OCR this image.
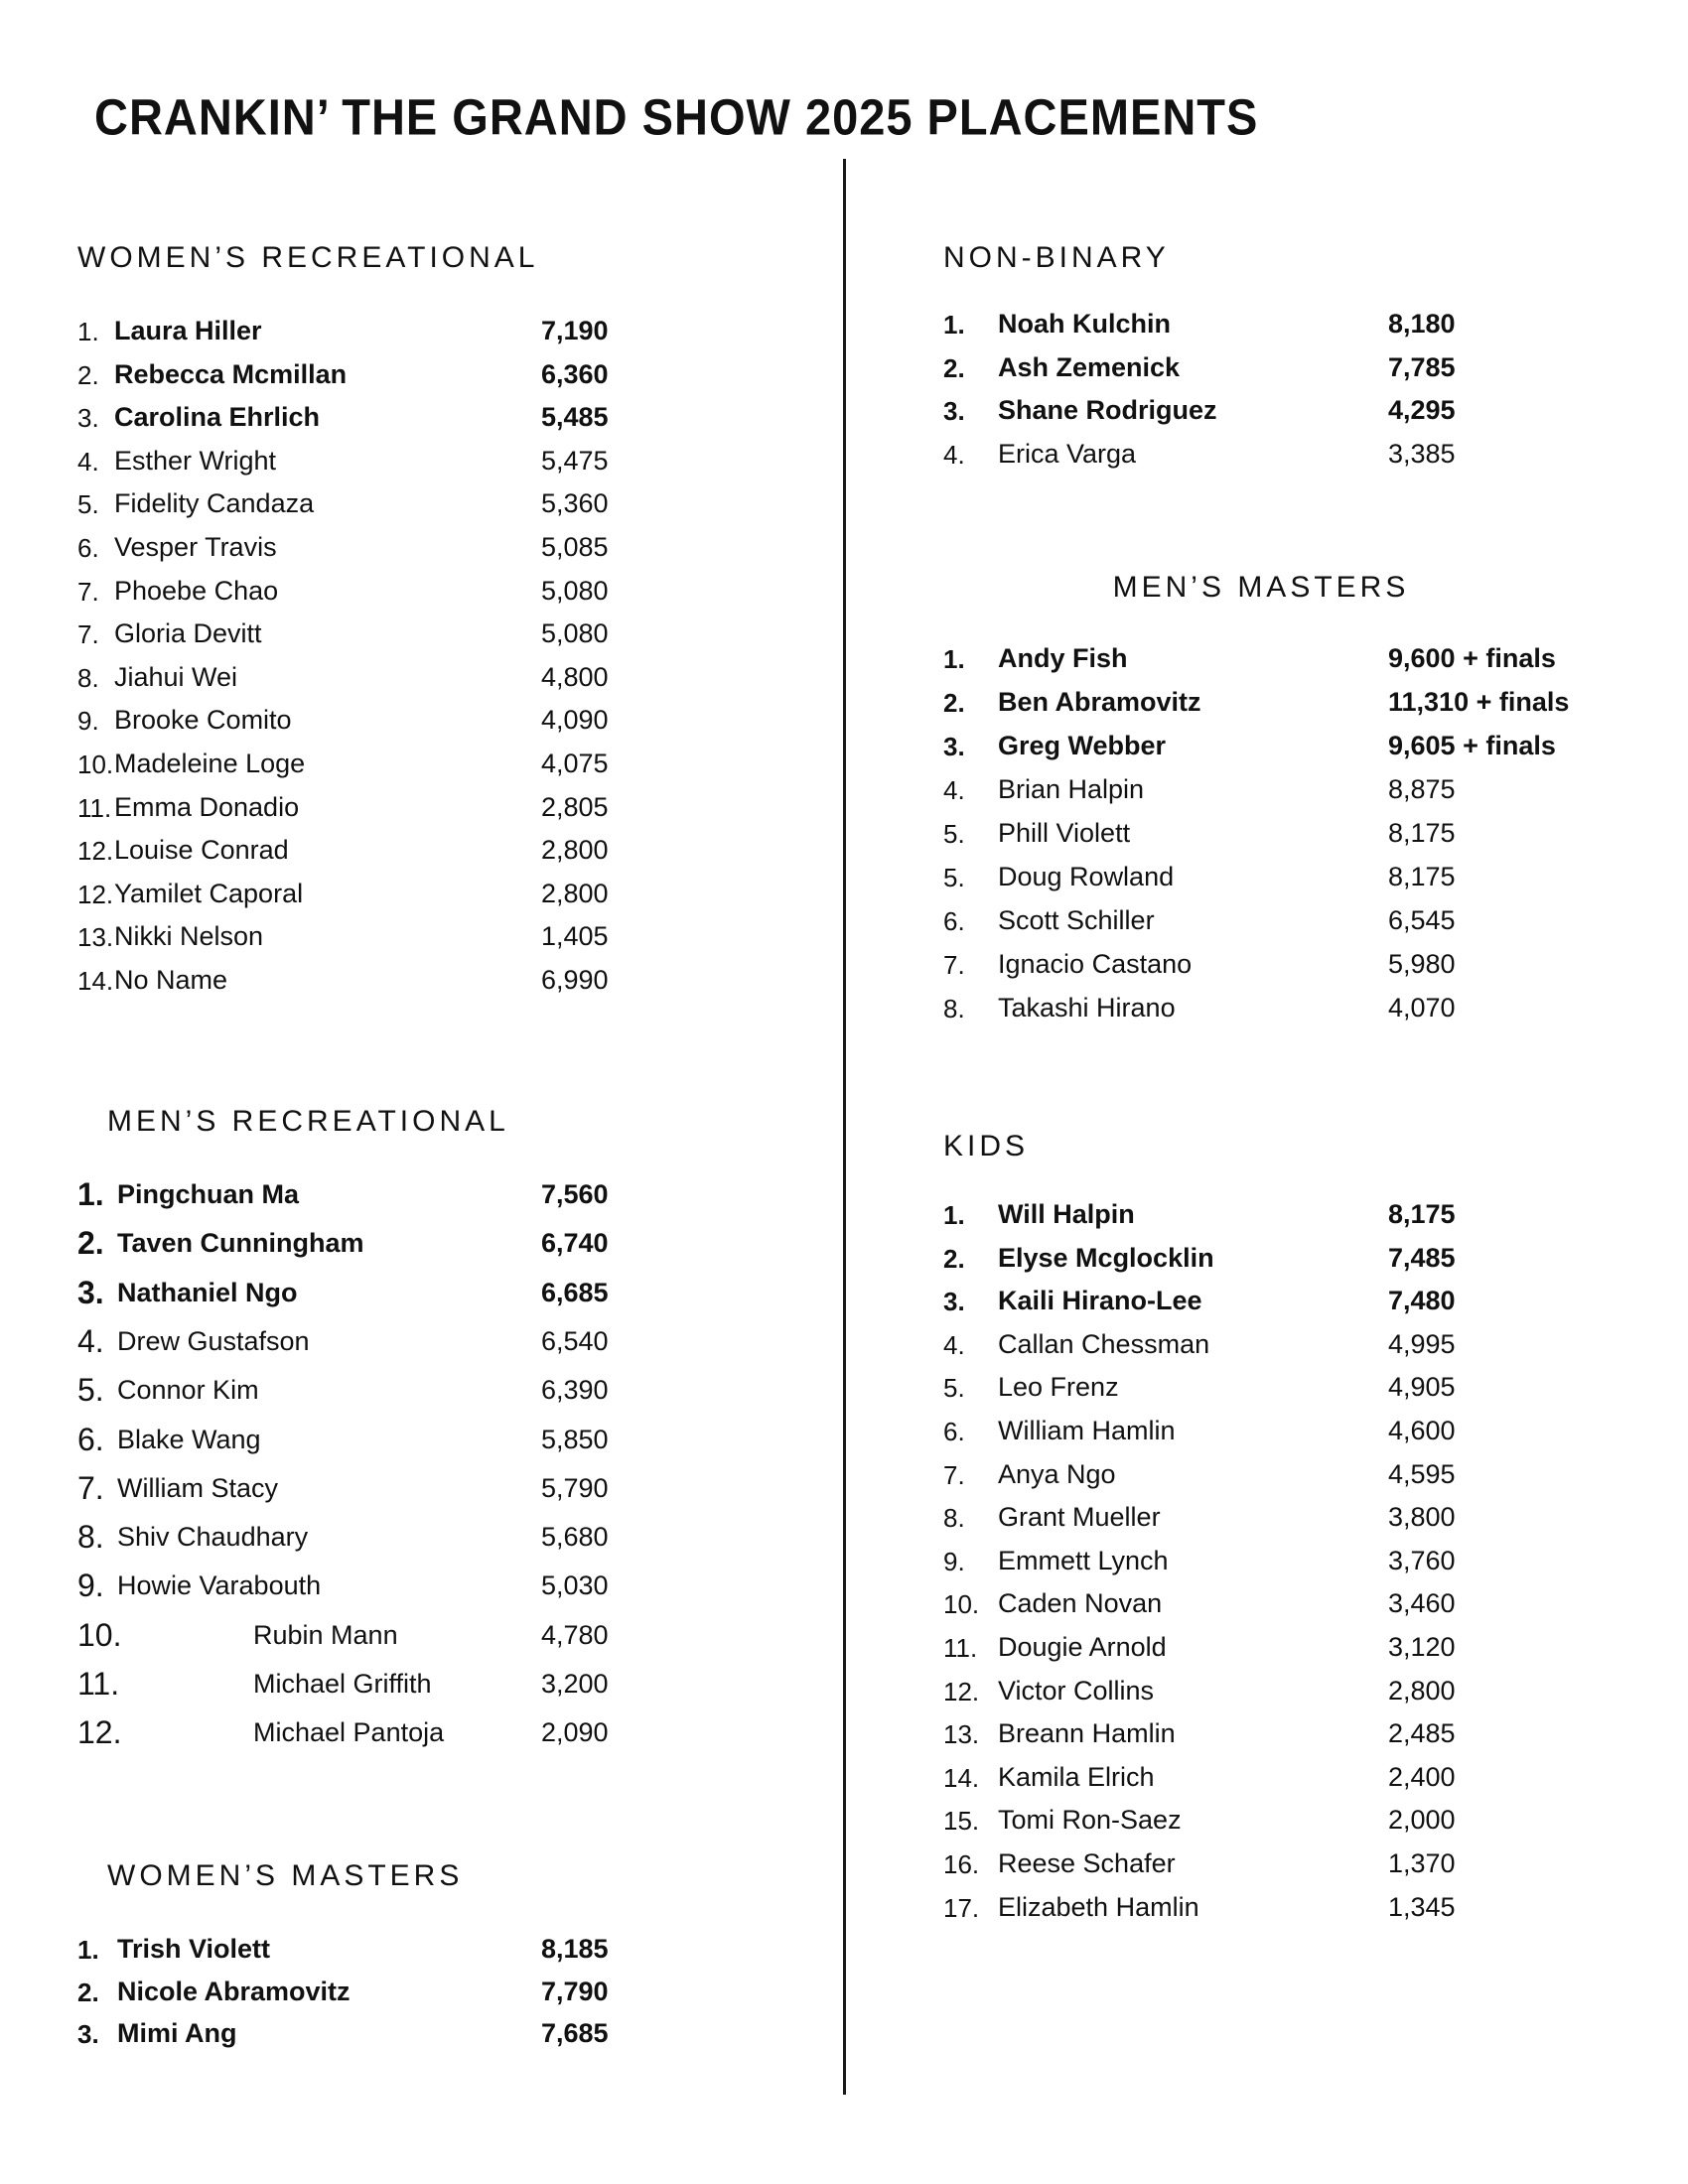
CRANKIN’ THE GRAND SHOW 2025 PLACEMENTS
WOMEN’S RECREATIONAL
1. Laura Hiller	7,190
2. Rebecca Mcmillan	6,360
3. Carolina Ehrlich	5,485
4. Esther Wright	5,475
5. Fidelity Candaza	5,360
6. Vesper Travis	5,085
7. Phoebe Chao	5,080
7. Gloria Devitt	5,080
8. Jiahui Wei	4,800
9. Brooke Comito	4,090
10. Madeleine Loge	4,075
11. Emma Donadio	2,805
12. Louise Conrad	2,800
12. Yamilet Caporal	2,800
13. Nikki Nelson	1,405
14. No Name	6,990
MEN’S RECREATIONAL
1. Pingchuan Ma	7,560
2. Taven Cunningham	6,740
3. Nathaniel Ngo	6,685
4. Drew Gustafson	6,540
5. Connor Kim	6,390
6. Blake Wang	5,850
7. William Stacy	5,790
8. Shiv Chaudhary	5,680
9. Howie Varabouth	5,030
10.	Rubin Mann	4,780
11.	Michael Griffith	3,200
12.	Michael Pantoja	2,090
WOMEN’S MASTERS
1. Trish Violett	8,185
2. Nicole Abramovitz	7,790
3. Mimi Ang	7,685
NON-BINARY
1. Noah Kulchin	8,180
2. Ash Zemenick	7,785
3. Shane Rodriguez	4,295
4. Erica Varga	3,385
MEN’S MASTERS
1. Andy Fish	9,600 + finals
2. Ben Abramovitz	11,310 + finals
3. Greg Webber	9,605 + finals
4. Brian Halpin	8,875
5. Phill Violett	8,175
5. Doug Rowland	8,175
6. Scott Schiller	6,545
7. Ignacio Castano	5,980
8. Takashi Hirano	4,070
KIDS
1. Will Halpin	8,175
2. Elyse Mcglocklin	7,485
3. Kaili Hirano-Lee	7,480
4. Callan Chessman	4,995
5. Leo Frenz	4,905
6. William Hamlin	4,600
7. Anya Ngo	4,595
8. Grant Mueller	3,800
9. Emmett Lynch	3,760
10. Caden Novan	3,460
11. Dougie Arnold	3,120
12. Victor Collins	2,800
13. Breann Hamlin	2,485
14. Kamila Elrich	2,400
15. Tomi Ron-Saez	2,000
16. Reese Schafer	1,370
17. Elizabeth Hamlin	1,345
